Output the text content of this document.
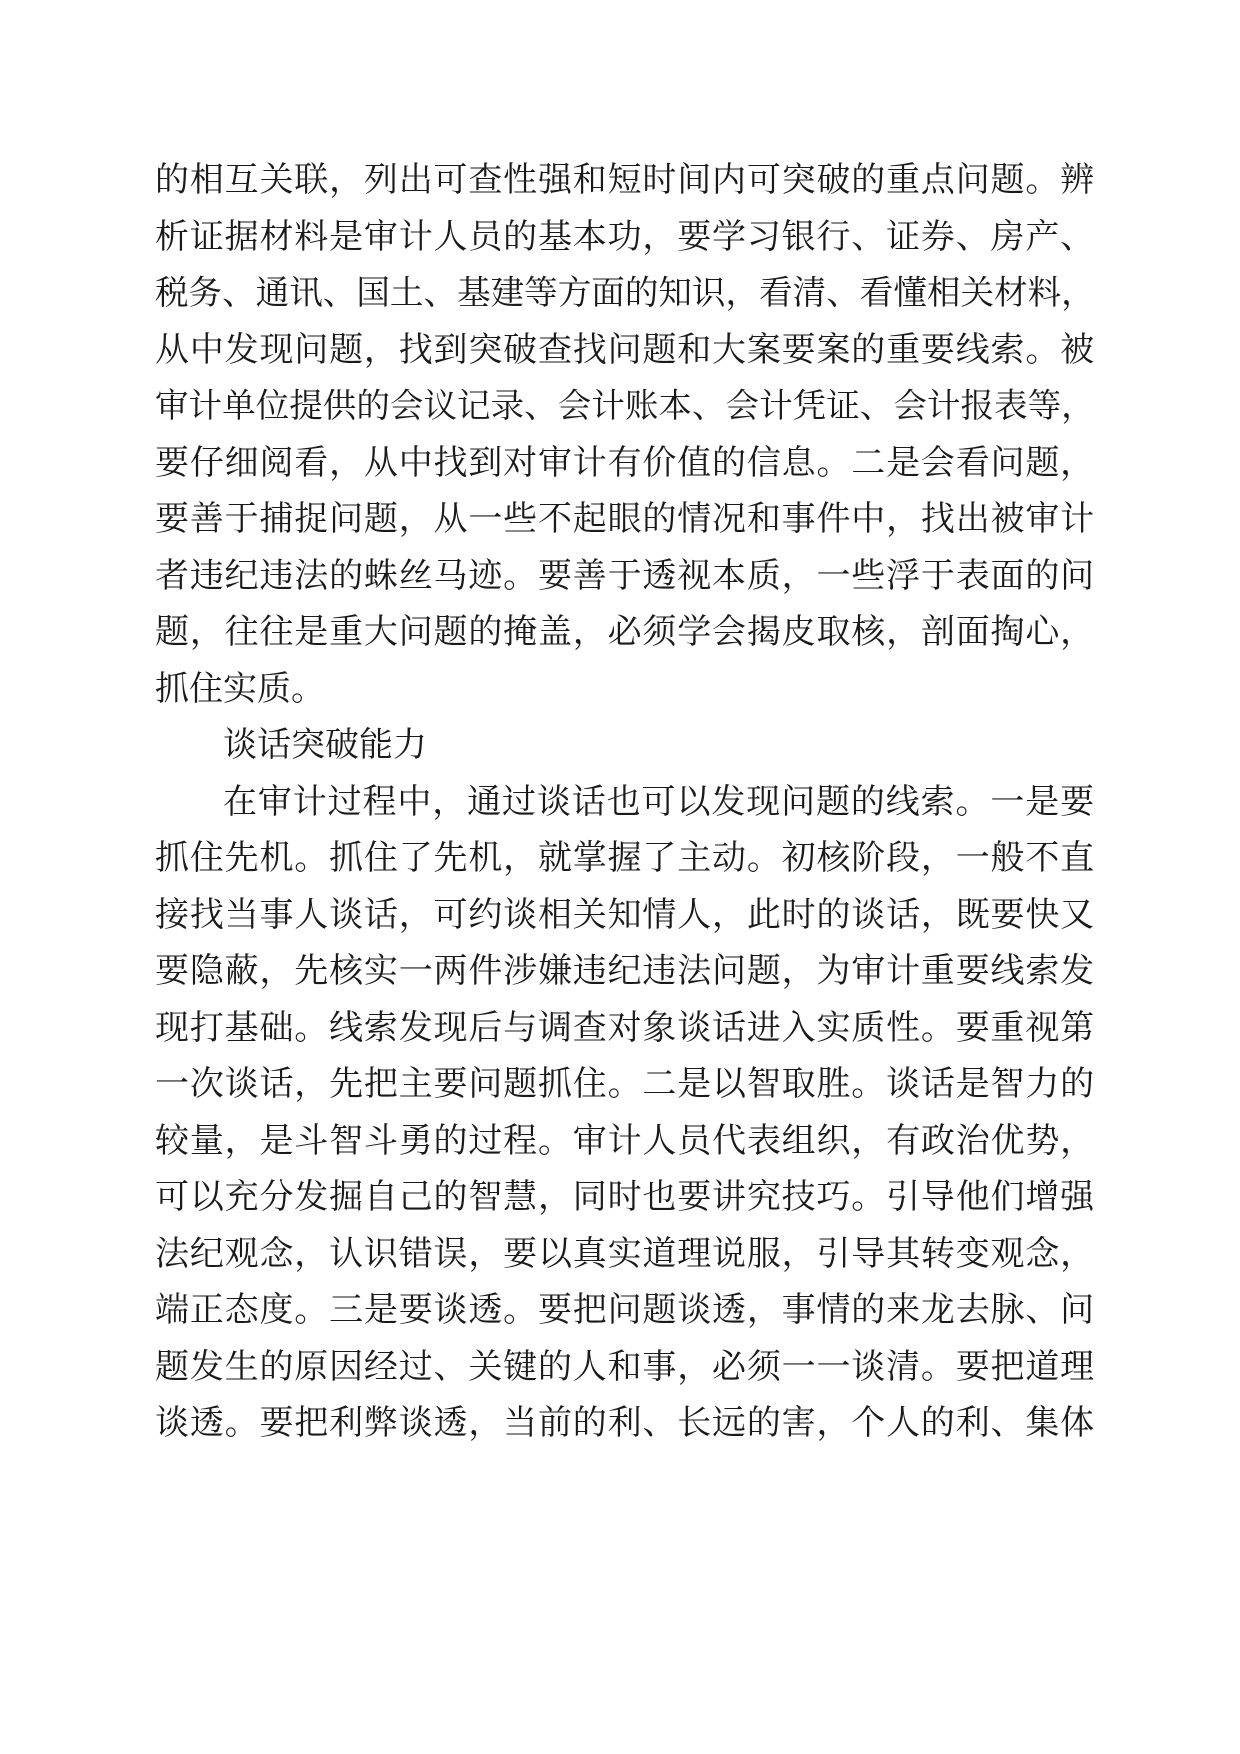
的相互关联，列出可查性强和短时间内可突破的重点问题。辨
析证据材料是审计人员的基本功，要学习银行、证券、房产、
税务、通讯、国土、基建等方面的知识，看清、看懂相关材料，
从中发现问题，找到突破查找问题和大案要案的重要线索。被
审计单位提供的会议记录、会计账本、会计凭证、会计报表等，
要仔细阅看，从中找到对审计有价值的信息。二是会看问题，
要善于捕捉问题，从一些不起眼的情况和事件中，找出被审计
者违纪违法的蛛丝马迹。要善于透视本质，一些浮于表面的问
题，往往是重大问题的掩盖，必须学会揭皮取核，剖面掏心，
抓住实质。
谈话突破能力
在审计过程中，通过谈话也可以发现问题的线索。一是要
抓住先机。抓住了先机，就掌握了主动。初核阶段，一般不直
接找当事人谈话，可约谈相关知情人，此时的谈话，既要快又
要隐蔽，先核实一两件涉嫌违纪违法问题，为审计重要线索发
现打基础。线索发现后与调查对象谈话进入实质性。要重视第
一次谈话，先把主要问题抓住。二是以智取胜。谈话是智力的
较量，是斗智斗勇的过程。审计人员代表组织，有政治优势，
可以充分发掘自己的智慧，同时也要讲究技巧。引导他们增强
法纪观念，认识错误，要以真实道理说服，引导其转变观念，
端正态度。三是要谈透。要把问题谈透，事情的来龙去脉、问
题发生的原因经过、关键的人和事，必须一一谈清。要把道理
谈透。要把利弊谈透，当前的利、长远的害，个人的利、集体
